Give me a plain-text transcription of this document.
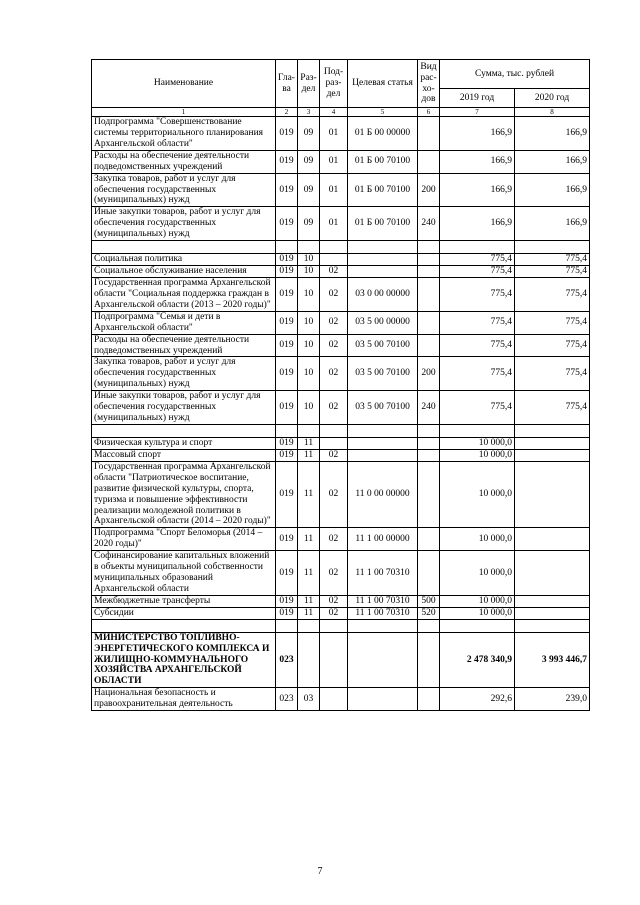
Наименование	Гла-ва	Раз-дел	Под-раз-дел	Целевая статья	Вид рас-хо-дов	Сумма, тыс. рублей	
						2019 год	2020 год
1	2	3	4	5	6	7	8
Подпрограмма "Совершенствование системы территориального планирования Архангельской области"	019	09	01	01 Б 00 00000		166,9	166,9
Расходы на обеспечение деятельности подведомственных учреждений	019	09	01	01 Б 00 70100		166,9	166,9
Закупка товаров, работ и услуг для обеспечения государственных (муниципальных) нужд	019	09	01	01 Б 00 70100	200	166,9	166,9
Иные закупки товаров, работ и услуг для обеспечения государственных (муниципальных) нужд	019	09	01	01 Б 00 70100	240	166,9	166,9

Социальная политика	019	10				775,4	775,4
Социальное обслуживание населения	019	10	02			775,4	775,4
Государственная программа Архангельской области "Социальная поддержка граждан в Архангельской области (2013 – 2020 годы)"	019	10	02	03 0 00 00000		775,4	775,4
Подпрограмма "Семья и дети в Архангельской области"	019	10	02	03 5 00 00000		775,4	775,4
Расходы на обеспечение деятельности подведомственных учреждений	019	10	02	03 5 00 70100		775,4	775,4
Закупка товаров, работ и услуг для обеспечения государственных (муниципальных) нужд	019	10	02	03 5 00 70100	200	775,4	775,4
Иные закупки товаров, работ и услуг для обеспечения государственных (муниципальных) нужд	019	10	02	03 5 00 70100	240	775,4	775,4

Физическая культура и спорт	019	11				10 000,0	
Массовый спорт	019	11	02			10 000,0	
Государственная программа Архангельской области "Патриотическое воспитание, развитие физической культуры, спорта, туризма и повышение эффективности реализации молодежной политики в Архангельской области (2014 – 2020 годы)"	019	11	02	11 0 00 00000		10 000,0	
Подпрограмма "Спорт Беломорья (2014 – 2020 годы)"	019	11	02	11 1 00 00000		10 000,0	
Софинансирование капитальных вложений в объекты муниципальной собственности муниципальных образований Архангельской области	019	11	02	11 1 00 70310		10 000,0	
Межбюджетные трансферты	019	11	02	11 1 00 70310	500	10 000,0	
Субсидии	019	11	02	11 1 00 70310	520	10 000,0	

МИНИСТЕРСТВО ТОПЛИВНО-ЭНЕРГЕТИЧЕСКОГО КОМПЛЕКСА И ЖИЛИЩНО-КОММУНАЛЬНОГО ХОЗЯЙСТВА АРХАНГЕЛЬСКОЙ ОБЛАСТИ	023					2 478 340,9	3 993 446,7
Национальная безопасность и правоохранительная деятельность	023	03				292,6	239,0
7
